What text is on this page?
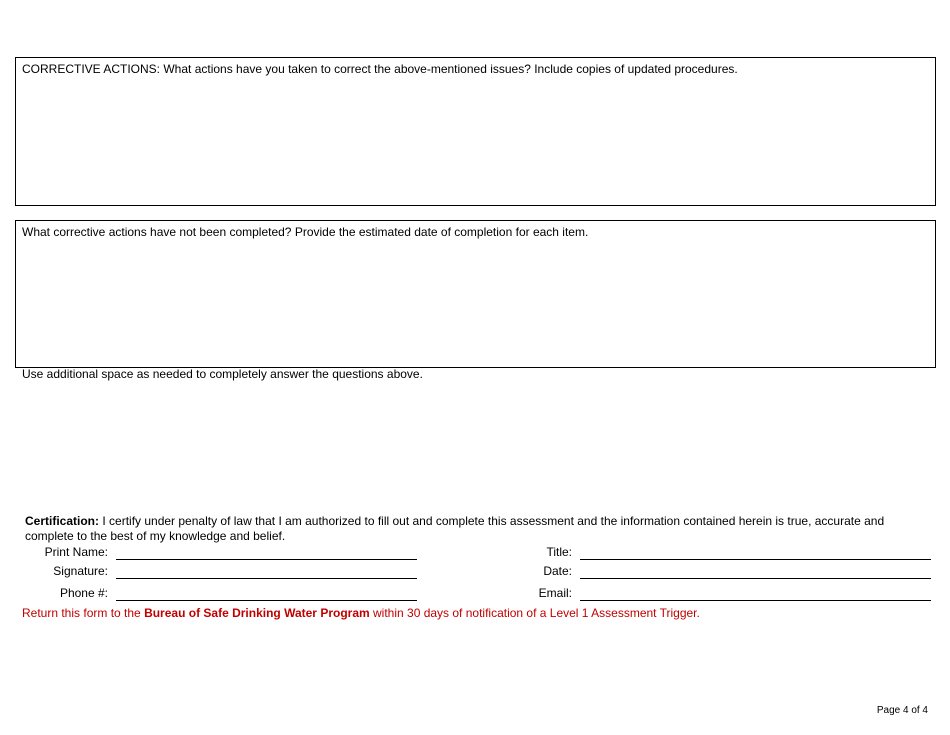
CORRECTIVE ACTIONS: What actions have you taken to correct the above-mentioned issues? Include copies of updated procedures.
What corrective actions have not been completed? Provide the estimated date of completion for each item.
Use additional space as needed to completely answer the questions above.
Certification: I certify under penalty of law that I am authorized to fill out and complete this assessment and the information contained herein is true, accurate and complete to the best of my knowledge and belief.
Print Name:
Signature:
Phone #:
Title:
Date:
Email:
Return this form to the Bureau of Safe Drinking Water Program within 30 days of notification of a Level 1 Assessment Trigger.
Page 4 of 4
